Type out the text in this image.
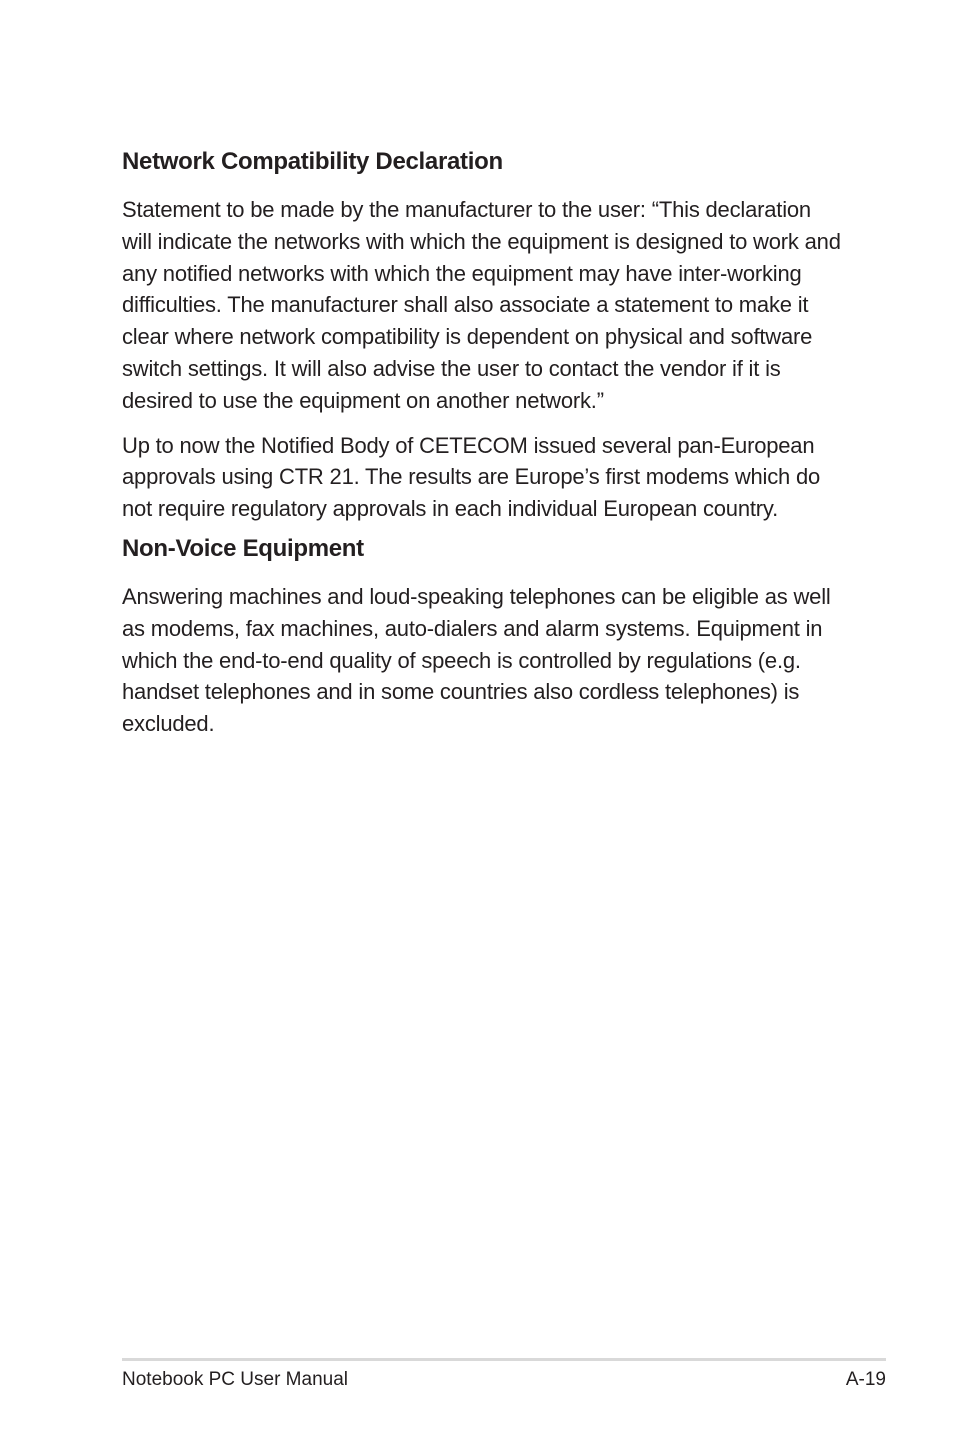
Network Compatibility Declaration

Statement to be made by the manufacturer to the user: “This declaration will indicate the networks with which the equipment is designed to work and any notified networks with which the equipment may have inter-working difficulties. The manufacturer shall also associate a statement to make it clear where network compatibility is dependent on physical and software switch settings. It will also advise the user to contact the vendor if it is desired to use the equipment on another network.”

Up to now the Notified Body of CETECOM issued several pan-European approvals using CTR 21. The results are Europe’s first modems which do not require regulatory approvals in each individual European country.

Non-Voice Equipment

Answering machines and loud-speaking telephones can be eligible as well as modems, fax machines, auto-dialers and alarm systems. Equipment in which the end-to-end quality of speech is controlled by regulations (e.g. handset telephones and in some countries also cordless telephones) is excluded.

Notebook PC User Manual	A-19
